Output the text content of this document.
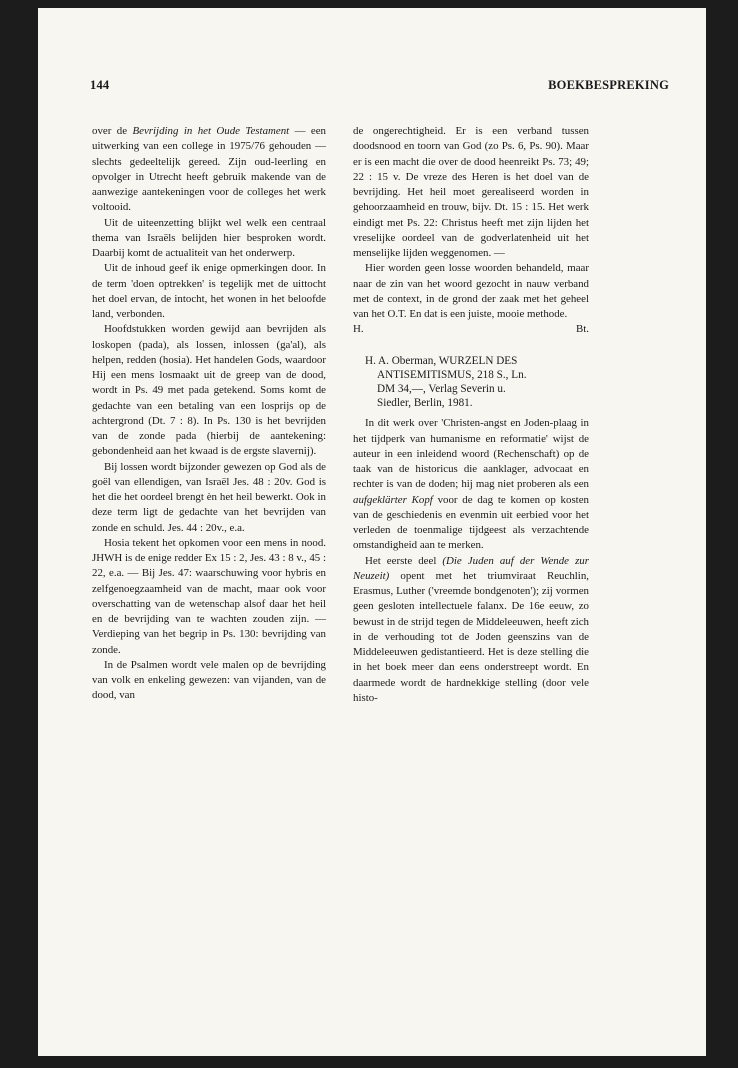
144	BOEKBESPREKING

over de Bevrijding in het Oude Testament — een uitwerking van een college in 1975/76 gehouden — slechts gedeeltelijk gereed. Zijn oud-leerling en opvolger in Utrecht heeft gebruik makende van de aanwezige aantekeningen voor de colleges het werk voltooid.

Uit de uiteenzetting blijkt wel welk een centraal thema van Israëls belijden hier besproken wordt. Daarbij komt de actualiteit van het onderwerp.

Uit de inhoud geef ik enige opmerkingen door. In de term 'doen optrekken' is tegelijk met de uittocht het doel ervan, de intocht, het wonen in het beloofde land, verbonden.

Hoofdstukken worden gewijd aan bevrijden als loskopen (pada), als lossen, inlossen (ga'al), als helpen, redden (hosia). Het handelen Gods, waardoor Hij een mens losmaakt uit de greep van de dood, wordt in Ps. 49 met pada getekend. Soms komt de gedachte van een betaling van een losprijs op de achtergrond (Dt. 7 : 8). In Ps. 130 is het bevrijden van de zonde pada (hierbij de aantekening: gebondenheid aan het kwaad is de ergste slavernij).

Bij lossen wordt bijzonder gewezen op God als de goël van ellendigen, van Israël Jes. 48 : 20v. God is het die het oordeel brengt èn het heil bewerkt. Ook in deze term ligt de gedachte van het bevrijden van zonde en schuld. Jes. 44 : 20v., e.a.

Hosia tekent het opkomen voor een mens in nood. JHWH is de enige redder Ex 15 : 2, Jes. 43 : 8 v., 45 : 22, e.a. — Bij Jes. 47: waarschuwing voor hybris en zelfgenoegzaamheid van de macht, maar ook voor overschatting van de wetenschap alsof daar het heil en de bevrijding van te wachten zouden zijn. — Verdieping van het begrip in Ps. 130: bevrijding van zonde.

In de Psalmen wordt vele malen op de bevrijding van volk en enkeling gewezen: van vijanden, van de dood, van

de ongerechtigheid. Er is een verband tussen doodsnood en toorn van God (zo Ps. 6, Ps. 90). Maar er is een macht die over de dood heenreikt Ps. 73; 49; 22 : 15 v. De vreze des Heren is het doel van de bevrijding. Het heil moet gerealiseerd worden in gehoorzaamheid en trouw, bijv. Dt. 15 : 15. Het werk eindigt met Ps. 22: Christus heeft met zijn lijden het vreselijke oordeel van de godverlatenheid uit het menselijke lijden weggenomen. —

Hier worden geen losse woorden behandeld, maar naar de zin van het woord gezocht in nauw verband met de context, in de grond der zaak met het geheel van het O.T. En dat is een juiste, mooie methode.

H.	Bt.

H. A. Oberman, WURZELN DES
ANTISEMITISMUS, 218 S., Ln.
DM 34,—, Verlag Severin u.
Siedler, Berlin, 1981.

In dit werk over 'Christen-angst en Joden-plaag in het tijdperk van humanisme en reformatie' wijst de auteur in een inleidend woord (Rechenschaft) op de taak van de historicus die aanklager, advocaat en rechter is van de doden; hij mag niet proberen als een aufgeklärter Kopf voor de dag te komen op kosten van de geschiedenis en evenmin uit eerbied voor het verleden de toenmalige tijdgeest als verzachtende omstandigheid aan te merken.

Het eerste deel (Die Juden auf der Wende zur Neuzeit) opent met het triumviraat Reuchlin, Erasmus, Luther ('vreemde bondgenoten'); zij vormen geen gesloten intellectuele falanx. De 16e eeuw, zo bewust in de strijd tegen de Middeleeuwen, heeft zich in de verhouding tot de Joden geenszins van de Middeleeuwen gedistantieerd. Het is deze stelling die in het boek meer dan eens onderstreept wordt. En daarmede wordt de hardnekkige stelling (door vele histo-
